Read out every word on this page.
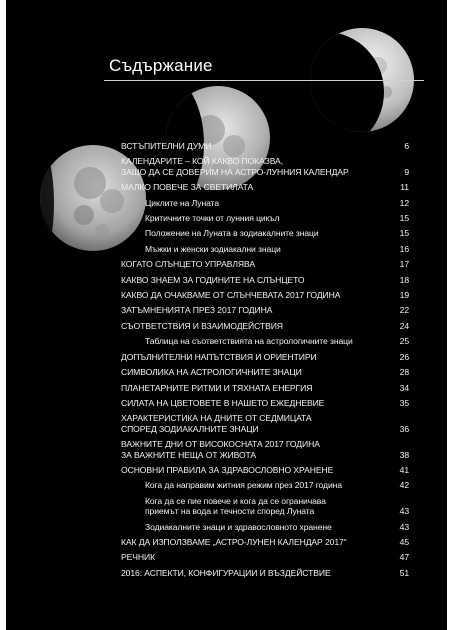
Съдържание
ВСТЪПИТЕЛНИ ДУМИ	6
КАЛЕНДАРИТЕ – КОЙ КАКВО ПОКАЗВА,
ЗАЩО ДА СЕ ДОВЕРИМ НА АСТРО-ЛУННИЯ КАЛЕНДАР	9
МАЛКО ПОВЕЧЕ ЗА СВЕТИЛАТА	11
Циклите на Луната	12
Критичните точки от лунния цикъл	15
Положение на Луната в зодиакалните знаци	15
Мъжки и женски зодиакални знаци	16
КОГАТО СЛЪНЦЕТО УПРАВЛЯВА	17
КАКВО ЗНАЕМ ЗА ГОДИНИТЕ НА СЛЪНЦЕТО	18
КАКВО ДА ОЧАКВАМЕ ОТ СЛЪНЧЕВАТА 2017 ГОДИНА	19
ЗАТЪМНЕНИЯТА ПРЕЗ 2017 ГОДИНА	22
СЪОТВЕТСТВИЯ И ВЗАИМОДЕЙСТВИЯ	24
Таблица на съответствията на астрологичните знаци	25
ДОПЪЛНИТЕЛНИ НАПЪТСТВИЯ И ОРИЕНТИРИ	26
СИМВОЛИКА НА АСТРОЛОГИЧНИТЕ ЗНАЦИ	28
ПЛАНЕТАРНИТЕ РИТМИ И ТЯХНАТА ЕНЕРГИЯ	34
СИЛАТА НА ЦВЕТОВЕТЕ В НАШЕТО ЕЖЕДНЕВИЕ	35
ХАРАКТЕРИСТИКА НА ДНИТЕ ОТ СЕДМИЦАТА
СПОРЕД ЗОДИАКАЛНИТЕ ЗНАЦИ	36
ВАЖНИТЕ ДНИ ОТ ВИСОКОСНАТА 2017 ГОДИНА
ЗА ВАЖНИТЕ НЕЩА ОТ ЖИВОТА	38
ОСНОВНИ ПРАВИЛА ЗА ЗДРАВОСЛОВНО ХРАНЕНЕ	41
Кога да направим житния режим през 2017 година	42
Кога да се пие повече и кога да се ограничава
приемът на вода и течности според Луната	43
Зодиакалните знаци и здравословното хранене	43
КАК ДА ИЗПОЛЗВАМЕ „АСТРО-ЛУНЕН КАЛЕНДАР 2017“	45
РЕЧНИК	47
2016: АСПЕКТИ, КОНФИГУРАЦИИ И ВЪЗДЕЙСТВИЕ	51
